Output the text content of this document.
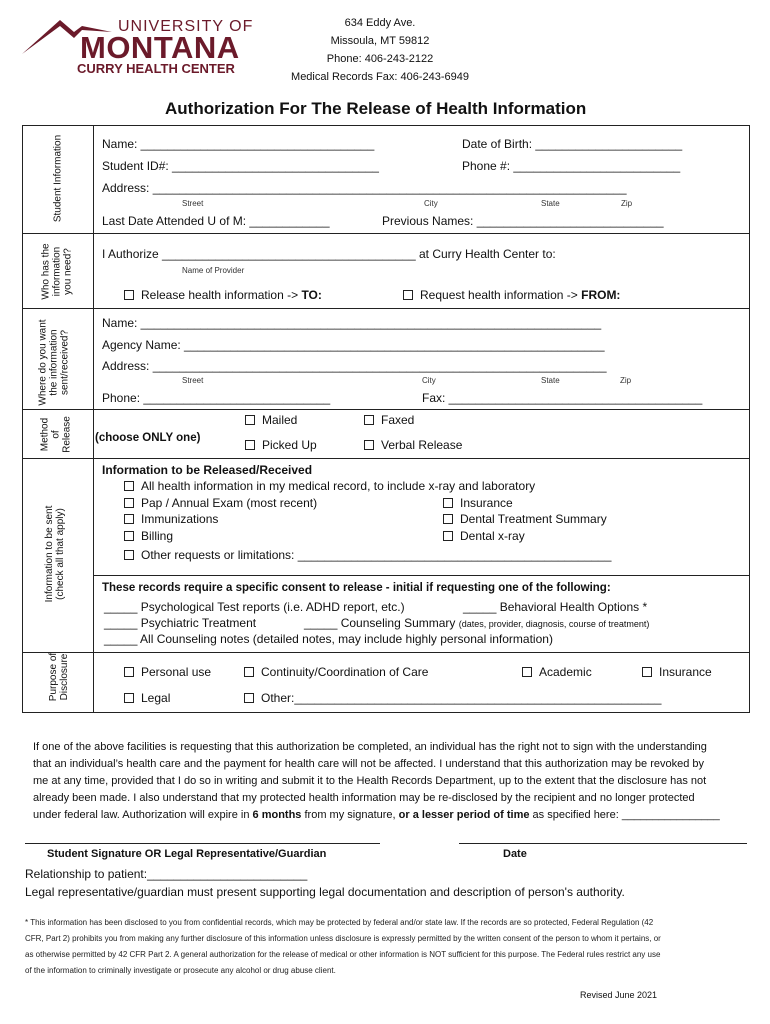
UNIVERSITY OF
MONTANA
CURRY HEALTH CENTER
634 Eddy Ave.
Missoula, MT 59812
Phone: 406-243-2122
Medical Records Fax: 406-243-6949
Authorization For The Release of Health Information
Student Information
Who has the
information
you need?
Where do you want
the information
sent/received?
Method
of
Release
Information to be sent
(check all that apply)
Purpose of
Disclosure
Name: ___________________________________	Date of Birth: ______________________
Student ID#: _______________________________	Phone #: _________________________
Address: _______________________________________________________________________
Street	City	State	Zip
Last Date Attended U of M: ____________	Previous Names: ____________________________
I Authorize ______________________________________ at Curry Health Center to:
Name of Provider
Release health information -> TO:	Request health information -> FROM:
Name: _____________________________________________________________________
Agency Name: _______________________________________________________________
Address: ____________________________________________________________________
Street	City	State	Zip
Phone: ____________________________	Fax: ______________________________________
Mailed	Faxed
(choose ONLY one)	Picked Up	Verbal Release
Information to be Released/Received
All health information in my medical record, to include x-ray and laboratory
Pap / Annual Exam (most recent)	Insurance
Immunizations	Dental Treatment Summary
Billing	Dental x-ray
Other requests or limitations: _______________________________________________
These records require a specific consent to release - initial if requesting one of the following:
_____ Psychological Test reports (i.e. ADHD report, etc.)	_____ Behavioral Health Options *
_____ Psychiatric Treatment	_____ Counseling Summary (dates, provider, diagnosis, course of treatment)
_____ All Counseling notes (detailed notes, may include highly personal information)
Personal use	Continuity/Coordination of Care	Academic	Insurance
Legal	Other:_______________________________________________________
If one of the above facilities is requesting that this authorization be completed, an individual has the right not to sign with the understanding
that an individual’s health care and the payment for health care will not be affected. I understand that this authorization may be revoked by
me at any time, provided that I do so in writing and submit it to the Health Records Department, up to the extent that the disclosure has not
already been made. I also understand that my protected health information may be re-disclosed by the recipient and no longer protected
under federal law. Authorization will expire in 6 months from my signature, or a lesser period of time as specified here: ________________
Student Signature OR Legal Representative/Guardian	Date
Relationship to patient:________________________
Legal representative/guardian must present supporting legal documentation and description of person's authority.
* This information has been disclosed to you from confidential records, which may be protected by federal and/or state law. If the records are so protected, Federal Regulation (42
CFR, Part 2) prohibits you from making any further disclosure of this information unless disclosure is expressly permitted by the written consent of the person to whom it pertains, or
as otherwise permitted by 42 CFR Part 2. A general authorization for the release of medical or other information is NOT sufficient for this purpose. The Federal rules restrict any use
of the information to criminally investigate or prosecute any alcohol or drug abuse client.
Revised June 2021
